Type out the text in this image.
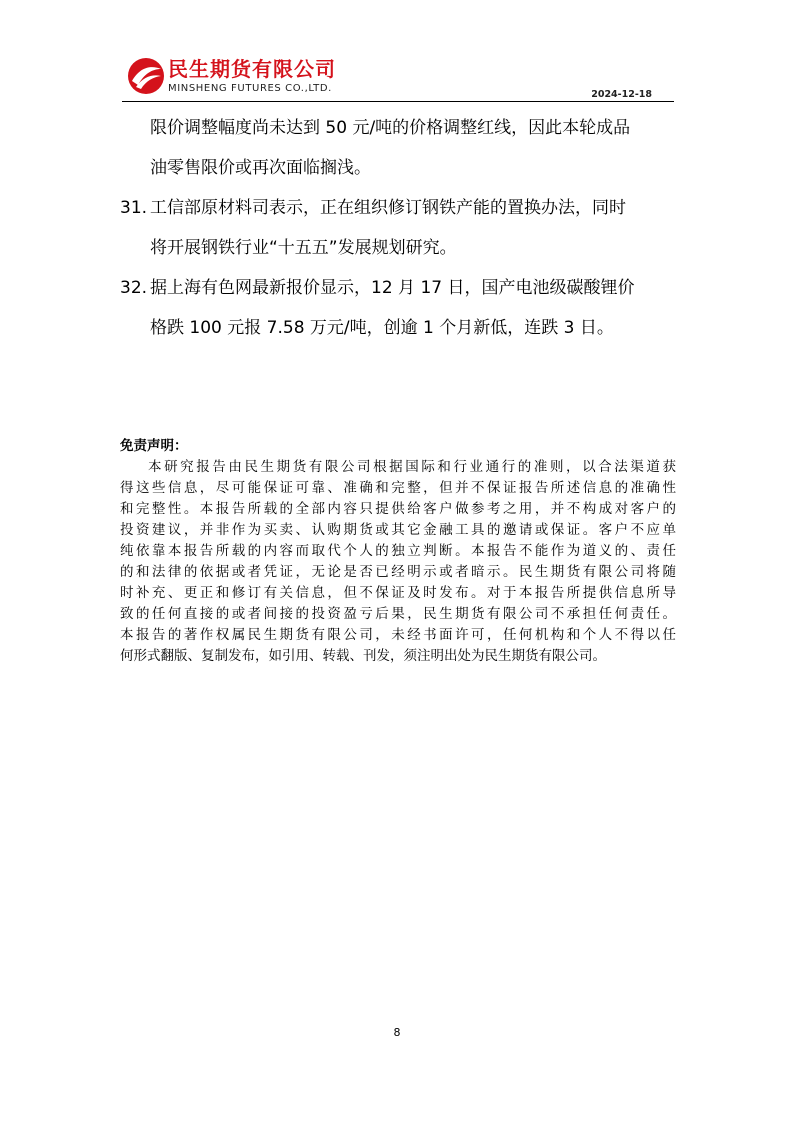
民生期货有限公司
MINSHENG FUTURES CO.,LTD.
2024-12-18
限价调整幅度尚未达到 50 元/吨的价格调整红线，因此本轮成品
油零售限价或再次面临搁浅。
31. 工信部原材料司表示，正在组织修订钢铁产能的置换办法，同时
将开展钢铁行业“十五五”发展规划研究。
32. 据上海有色网最新报价显示，12 月 17 日，国产电池级碳酸锂价
格跌 100 元报 7.58 万元/吨，创逾 1 个月新低，连跌 3 日。
免责声明：
本研究报告由民生期货有限公司根据国际和行业通行的准则，以合法渠道获
得这些信息，尽可能保证可靠、准确和完整，但并不保证报告所述信息的准确性
和完整性。本报告所载的全部内容只提供给客户做参考之用，并不构成对客户的
投资建议，并非作为买卖、认购期货或其它金融工具的邀请或保证。客户不应单
纯依靠本报告所载的内容而取代个人的独立判断。本报告不能作为道义的、责任
的和法律的依据或者凭证，无论是否已经明示或者暗示。民生期货有限公司将随
时补充、更正和修订有关信息，但不保证及时发布。对于本报告所提供信息所导
致的任何直接的或者间接的投资盈亏后果，民生期货有限公司不承担任何责任。
本报告的著作权属民生期货有限公司，未经书面许可，任何机构和个人不得以任
何形式翻版、复制发布，如引用、转载、刊发，须注明出处为民生期货有限公司。
8
